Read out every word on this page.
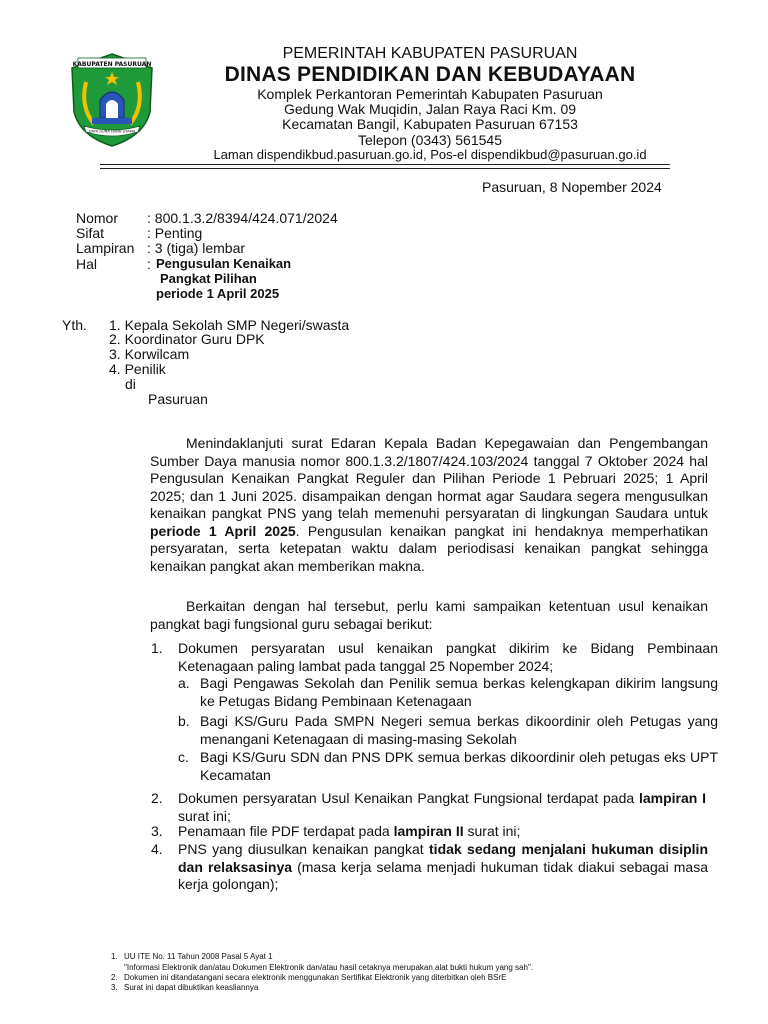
KABUPATEN PASURUAN
DAYA GUNA LEBIH UTAMA
PEMERINTAH KABUPATEN PASURUAN
DINAS PENDIDIKAN DAN KEBUDAYAAN
Komplek Perkantoran Pemerintah Kabupaten Pasuruan
Gedung Wak Muqidin, Jalan Raya Raci Km. 09
Kecamatan Bangil, Kabupaten Pasuruan 67153
Telepon (0343) 561545
Laman dispendikbud.pasuruan.go.id, Pos-el dispendikbud@pasuruan.go.id
Pasuruan, 8 Nopember 2024
Nomor : 800.1.3.2/8394/424.071/2024
Sifat	: Penting
Lampiran : 3 (tiga) lembar
Hal	: Pengusulan Kenaikan
Pangkat Pilihan
periode 1 April 2025
Yth. 1. Kepala Sekolah SMP Negeri/swasta
2. Koordinator Guru DPK
3. Korwilcam
4. Penilik
di
Pasuruan
Menindaklanjuti surat Edaran Kepala Badan Kepegawaian dan Pengembangan Sumber Daya manusia nomor 800.1.3.2/1807/424.103/2024 tanggal 7 Oktober 2024 hal Pengusulan Kenaikan Pangkat Reguler dan Pilihan Periode 1 Pebruari 2025; 1 April 2025; dan 1 Juni 2025. disampaikan dengan hormat agar Saudara segera mengusulkan kenaikan pangkat PNS yang telah memenuhi persyaratan di lingkungan Saudara untuk periode 1 April 2025. Pengusulan kenaikan pangkat ini hendaknya memperhatikan persyaratan, serta ketepatan waktu dalam periodisasi kenaikan pangkat sehingga kenaikan pangkat akan memberikan makna.
Berkaitan dengan hal tersebut, perlu kami sampaikan ketentuan usul kenaikan pangkat bagi fungsional guru sebagai berikut:
1. Dokumen persyaratan usul kenaikan pangkat dikirim ke Bidang Pembinaan Ketenagaan paling lambat pada tanggal 25 Nopember 2024;
a. Bagi Pengawas Sekolah dan Penilik semua berkas kelengkapan dikirim langsung ke Petugas Bidang Pembinaan Ketenagaan
b. Bagi KS/Guru Pada SMPN Negeri semua berkas dikoordinir oleh Petugas yang menangani Ketenagaan di masing-masing Sekolah
c. Bagi KS/Guru SDN dan PNS DPK semua berkas dikoordinir oleh petugas eks UPT Kecamatan
2. Dokumen persyaratan Usul Kenaikan Pangkat Fungsional terdapat pada lampiran I surat ini;
3. Penamaan file PDF terdapat pada lampiran II surat ini;
4. PNS yang diusulkan kenaikan pangkat tidak sedang menjalani hukuman disiplin dan relaksasinya (masa kerja selama menjadi hukuman tidak diakui sebagai masa kerja golongan);
1. UU ITE No. 11 Tahun 2008 Pasal 5 Ayat 1
"Informasi Elektronik dan/atau Dokumen Elektronik dan/atau hasil cetaknya merupakan alat bukti hukum yang sah".
2. Dokumen ini ditandatangani secara elektronik menggunakan Sertifikat Elektronik yang diterbitkan oleh BSrE
3. Surat ini dapat dibuktikan keasliannya
